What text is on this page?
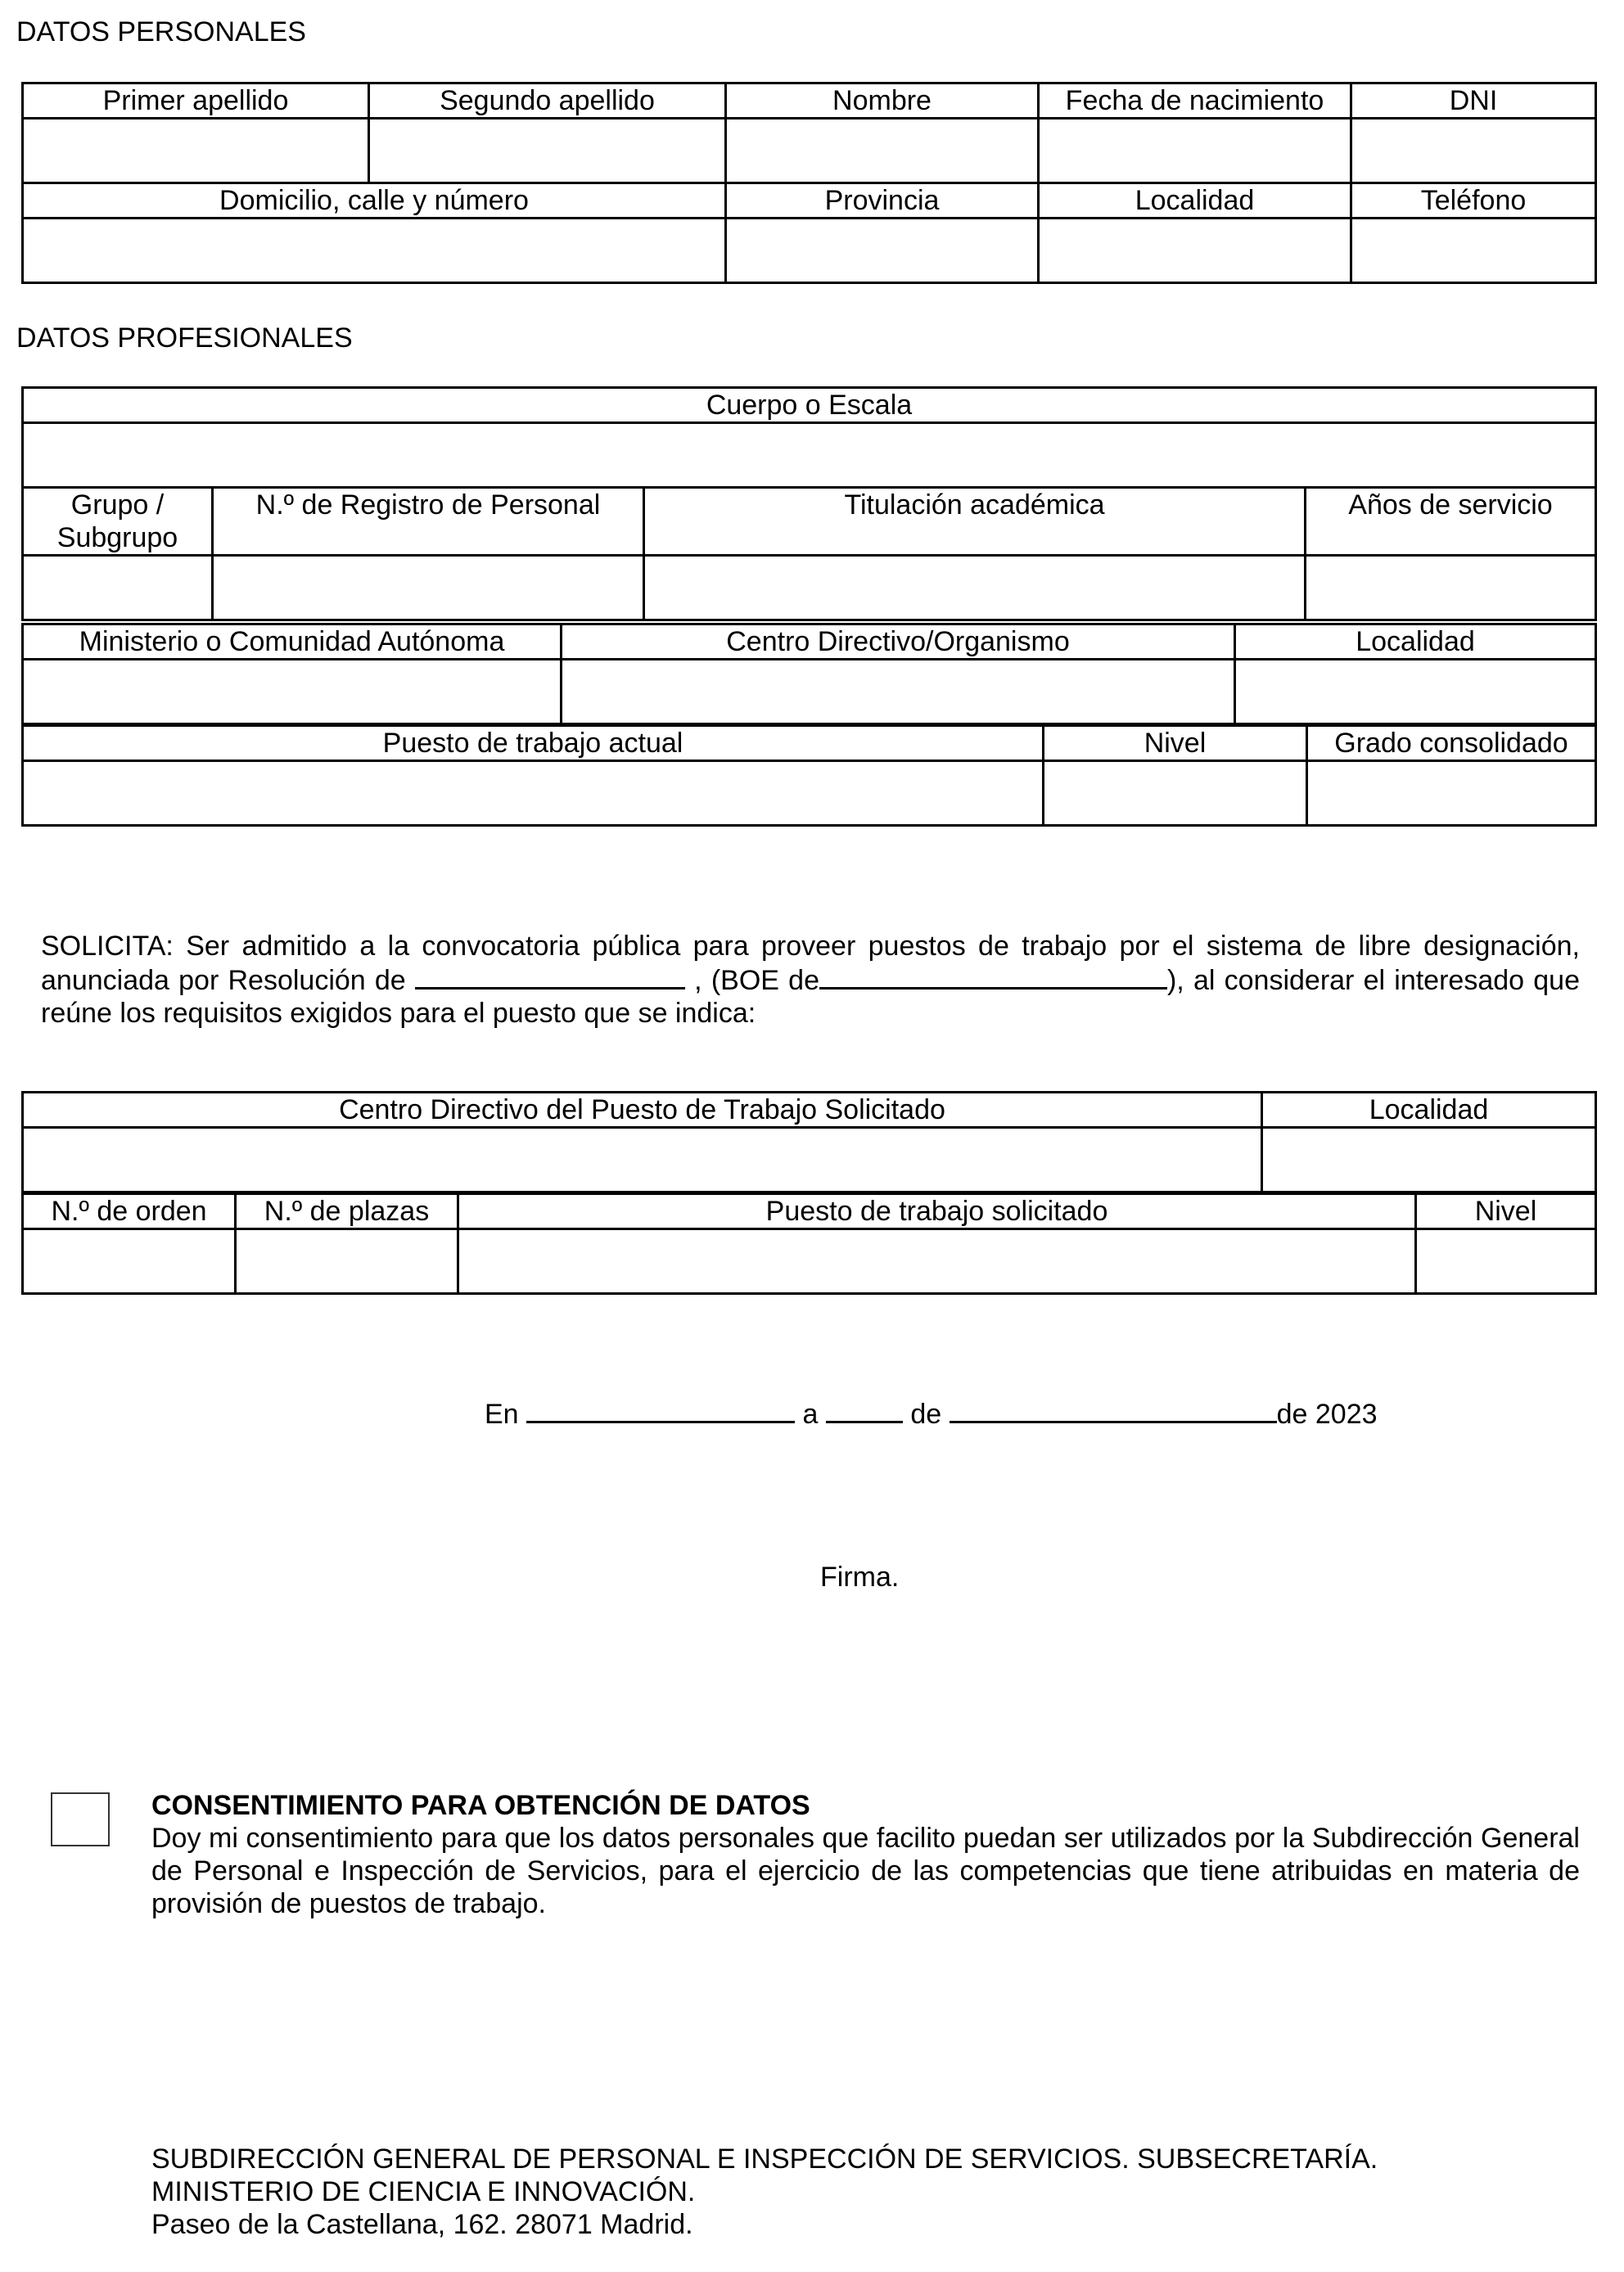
DATOS PERSONALES
Primer apellido	Segundo apellido	Nombre	Fecha de nacimiento	DNI

Domicilio, calle y número		Provincia	Localidad	Teléfono

DATOS PROFESIONALES
Cuerpo o Escala			

Grupo / Subgrupo	N.º de Registro de Personal	Titulación académica	Años de servicio

Ministerio o Comunidad Autónoma	Centro Directivo/Organismo	Localidad

Puesto de trabajo actual	Nivel	Grado consolidado

SOLICITA: Ser admitido a la convocatoria pública para proveer puestos de trabajo por el sistema de libre designación, anunciada por Resolución de	, (BOE de	), al considerar el interesado que reúne los requisitos exigidos para el puesto que se indica:
Centro Directivo del Puesto de Trabajo Solicitado	Localidad

N.º de orden	N.º de plazas	Puesto de trabajo solicitado	Nivel

En	a	de	de 2023
Firma.
CONSENTIMIENTO PARA OBTENCIÓN DE DATOS
Doy mi consentimiento para que los datos personales que facilito puedan ser utilizados por la Subdirección General de Personal e Inspección de Servicios, para el ejercicio de las competencias que tiene atribuidas en materia de provisión de puestos de trabajo.
SUBDIRECCIÓN GENERAL DE PERSONAL E INSPECCIÓN DE SERVICIOS. SUBSECRETARÍA.
MINISTERIO DE CIENCIA E INNOVACIÓN.
Paseo de la Castellana, 162. 28071 Madrid.
